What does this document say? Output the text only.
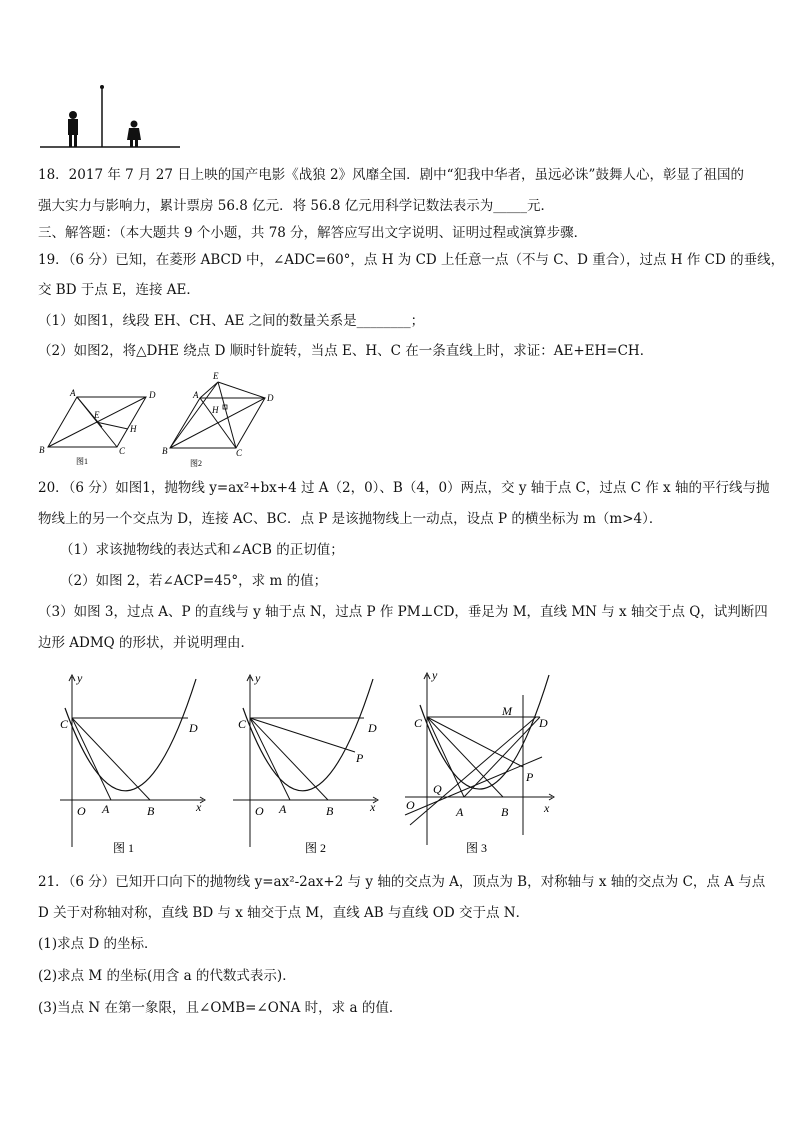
18．2017 年 7 月 27 日上映的国产电影《战狼 2》风靡全国．剧中“犯我中华者，虽远必诛”鼓舞人心，彰显了祖国的
强大实力与影响力，累计票房 56.8 亿元．将 56.8 亿元用科学记数法表示为_____元．
三、解答题：（本大题共 9 个小题，共 78 分，解答应写出文字说明、证明过程或演算步骤．
19．（6 分）已知，在菱形 ABCD 中，∠ADC=60°，点 H 为 CD 上任意一点（不与 C、D 重合），过点 H 作 CD 的垂线，
交 BD 于点 E，连接 AE．
（1）如图1，线段 EH、CH、AE 之间的数量关系是________；
（2）如图2，将△DHE 绕点 D 顺时针旋转，当点 E、H、C 在一条直线上时，求证：AE+EH=CH．
A	D
B	C
E
H
图1
E
A
H
D
B	C
图2
20．（6 分）如图1，抛物线 y=ax²+bx+4 过 A（2，0）、B（4，0）两点，交 y 轴于点 C，过点 C 作 x 轴的平行线与抛
物线上的另一个交点为 D，连接 AC、BC．点 P 是该抛物线上一动点，设点 P 的横坐标为 m（m>4）．
（1）求该抛物线的表达式和∠ACB 的正切值；
（2）如图 2，若∠ACP=45°，求 m 的值；
（3）如图 3，过点 A、P 的直线与 y 轴于点 N，过点 P 作 PM⊥CD，垂足为 M，直线 MN 与 x 轴交于点 Q，试判断四
边形 ADMQ 的形状，并说明理由．
y
C	D
O A	B	x
图 1
y
C	D
P
O A	B	x
图 2
y
C
M
D
P
Q
O	A	B	x
图 3
21．（6 分）已知开口向下的抛物线 y=ax²-2ax+2 与 y 轴的交点为 A，顶点为 B，对称轴与 x 轴的交点为 C，点 A 与点
D 关于对称轴对称，直线 BD 与 x 轴交于点 M，直线 AB 与直线 OD 交于点 N．
(1)求点 D 的坐标．
(2)求点 M 的坐标(用含 a 的代数式表示)．
(3)当点 N 在第一象限，且∠OMB=∠ONA 时，求 a 的值．
